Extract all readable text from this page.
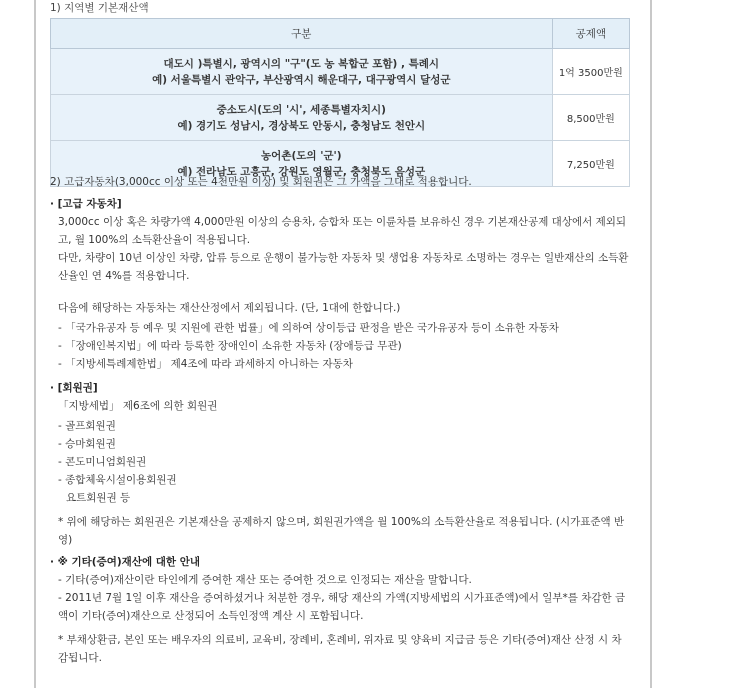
1) 지역별 기본재산액
구분	공제액

대도시 )특별시, 광역시의 "구"(도 농 복합군 포함) , 특례시
예) 서울특별시 관악구, 부산광역시 해운대구, 대구광역시 달성군	1억 3500만원

중소도시(도의 '시', 세종특별자치시)
예) 경기도 성남시, 경상북도 안동시, 충청남도 천안시	8,500만원

농어촌(도의 '군')
예) 전라남도 고흥군, 강원도 영월군, 충청북도 음성군	7,250만원
2) 고급자동차(3,000cc 이상 또는 4천만원 이상) 및 회원권은 그 가액을 그대로 적용합니다.
· [고급 자동차]
3,000cc 이상 혹은 차량가액 4,000만원 이상의 승용차, 승합차 또는 이륜차를 보유하신 경우 기본재산공제 대상에서 제외되고, 월 100%의 소득환산율이 적용됩니다.
다만, 차량이 10년 이상인 차량, 압류 등으로 운행이 불가능한 자동차 및 생업용 자동차로 소명하는 경우는 일반재산의 소득환산율인 연 4%를 적용합니다.
다음에 해당하는 자동차는 재산산정에서 제외됩니다. (단, 1대에 한합니다.)
- 「국가유공자 등 예우 및 지원에 관한 법률」에 의하여 상이등급 판정을 받은 국가유공자 등이 소유한 자동차
- 「장애인복지법」에 따라 등록한 장애인이 소유한 자동차 (장애등급 무관)
- 「지방세특례제한법」 제4조에 따라 과세하지 아니하는 자동차
· [회원권]
「지방세법」 제6조에 의한 회원권
- 골프회원권
- 승마회원권
- 콘도미니엄회원권
- 종합체육시설이용회원권
요트회원권 등
* 위에 해당하는 회원권은 기본재산을 공제하지 않으며, 회원권가액을 월 100%의 소득환산율로 적용됩니다. (시가표준액 반영)
· ※ 기타(증여)재산에 대한 안내
- 기타(증여)재산이란 타인에게 증여한 재산 또는 증여한 것으로 인정되는 재산을 말합니다.
- 2011년 7월 1일 이후 재산을 증여하셨거나 처분한 경우, 해당 재산의 가액(지방세법의 시가표준액)에서 일부*를 차감한 금액이 기타(증여)재산으로 산정되어 소득인정액 계산 시 포함됩니다.
* 부채상환금, 본인 또는 배우자의 의료비, 교육비, 장례비, 혼례비, 위자료 및 양육비 지급금 등은 기타(증여)재산 산정 시 차감됩니다.
